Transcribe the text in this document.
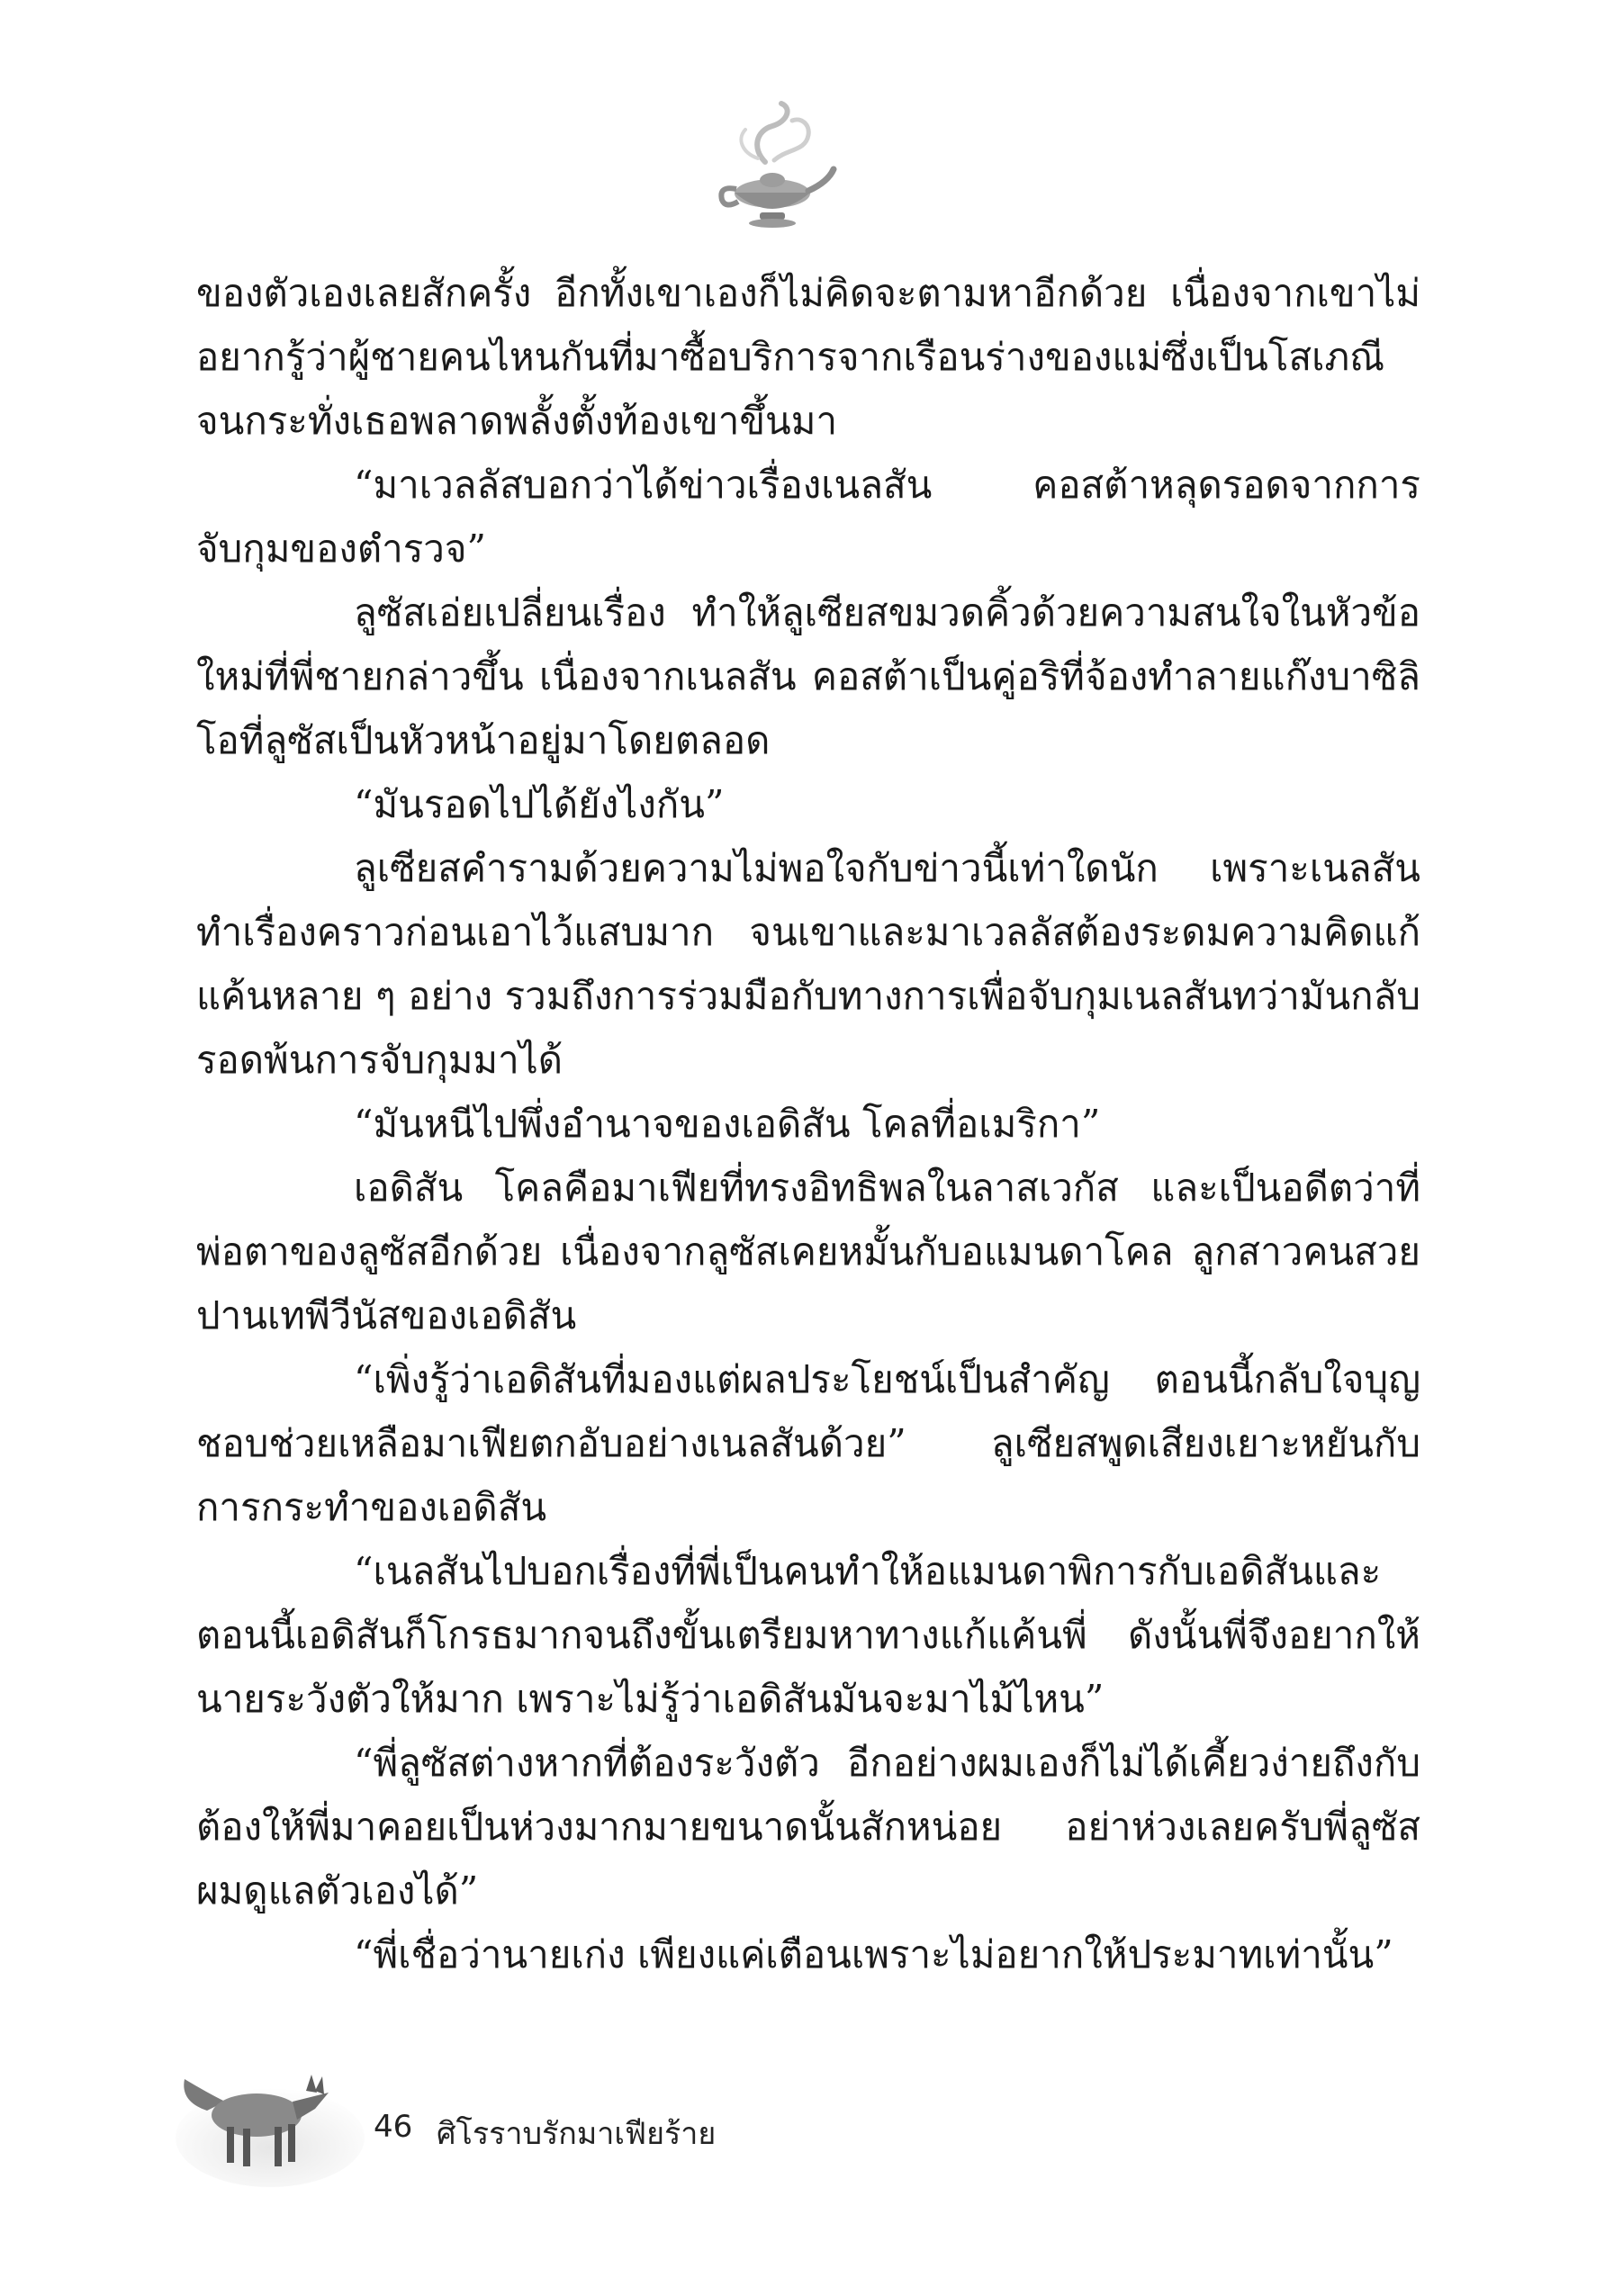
ของตัวเองเลยสักครั้ง อีกทั้งเขาเองก็ไม่คิดจะตามหาอีกด้วย เนื่องจากเขาไม่อยากรู้ว่าผู้ชายคนไหนกันที่มาซื้อบริการจากเรือนร่างของแม่ซึ่งเป็นโสเภณี จนกระทั่งเธอพลาดพลั้งตั้งท้องเขาขึ้นมา

“มาเวลลัสบอกว่าได้ข่าวเรื่องเนลสัน คอสต้าหลุดรอดจากการจับกุมของตำรวจ”

ลูซัสเอ่ยเปลี่ยนเรื่อง ทำให้ลูเซียสขมวดคิ้วด้วยความสนใจในหัวข้อใหม่ที่พี่ชายกล่าวขึ้น เนื่องจากเนลสัน คอสต้าเป็นคู่อริที่จ้องทำลายแก๊งบาซิลิโอที่ลูซัสเป็นหัวหน้าอยู่มาโดยตลอด

“มันรอดไปได้ยังไงกัน”

ลูเซียสคำรามด้วยความไม่พอใจกับข่าวนี้เท่าใดนัก เพราะเนลสันทำเรื่องคราวก่อนเอาไว้แสบมาก จนเขาและมาเวลลัสต้องระดมความคิดแก้แค้นหลาย ๆ อย่าง รวมถึงการร่วมมือกับทางการเพื่อจับกุมเนลสันทว่ามันกลับรอดพ้นการจับกุมมาได้

“มันหนีไปพึ่งอำนาจของเอดิสัน โคลที่อเมริกา”

เอดิสัน โคลคือมาเฟียที่ทรงอิทธิพลในลาสเวกัส และเป็นอดีตว่าที่พ่อตาของลูซัสอีกด้วย เนื่องจากลูซัสเคยหมั้นกับอแมนดาโคล ลูกสาวคนสวยปานเทพีวีนัสของเอดิสัน

“เพิ่งรู้ว่าเอดิสันที่มองแต่ผลประโยชน์เป็นสำคัญ ตอนนี้กลับใจบุญชอบช่วยเหลือมาเฟียตกอับอย่างเนลสันด้วย” ลูเซียสพูดเสียงเยาะหยันกับการกระทำของเอดิสัน

“เนลสันไปบอกเรื่องที่พี่เป็นคนทำให้อแมนดาพิการกับเอดิสันและตอนนี้เอดิสันก็โกรธมากจนถึงขั้นเตรียมหาทางแก้แค้นพี่ ดังนั้นพี่จึงอยากให้นายระวังตัวให้มาก เพราะไม่รู้ว่าเอดิสันมันจะมาไม้ไหน”

“พี่ลูซัสต่างหากที่ต้องระวังตัว อีกอย่างผมเองก็ไม่ได้เคี้ยวง่ายถึงกับต้องให้พี่มาคอยเป็นห่วงมากมายขนาดนั้นสักหน่อย อย่าห่วงเลยครับพี่ลูซัส ผมดูแลตัวเองได้”

“พี่เชื่อว่านายเก่ง เพียงแค่เตือนเพราะไม่อยากให้ประมาทเท่านั้น”

46 ศิโรราบรักมาเฟียร้าย
